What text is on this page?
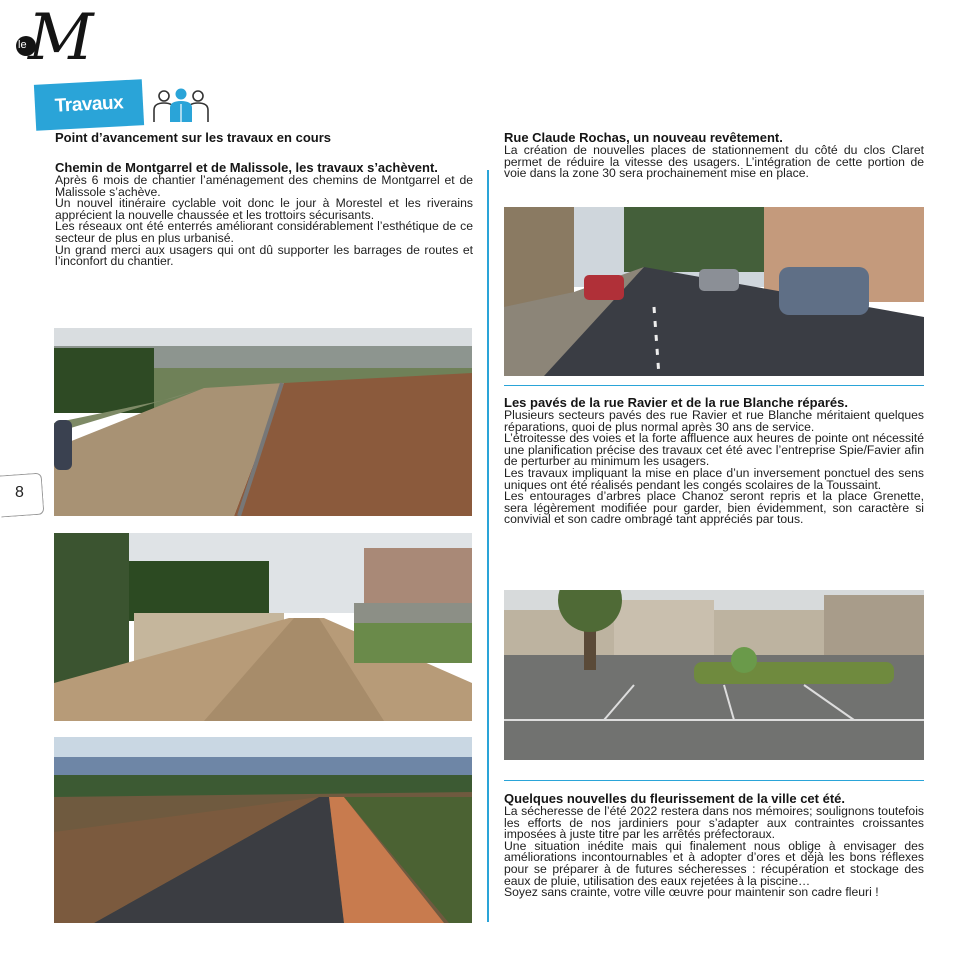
le M
Travaux
8
Point d’avancement sur les travaux en cours
Chemin de Montgarrel et de Malissole, les travaux s’achèvent.

Après 6 mois de chantier l’aménagement des chemins de Montgarrel et de Malissole s’achève.

Un nouvel itinéraire cyclable voit donc le jour à Morestel et les riverains apprécient la nouvelle chaussée et les trottoirs sécurisants.

Les réseaux ont été enterrés améliorant considérablement l’esthétique de ce secteur de plus en plus urbanisé.

Un grand merci aux usagers qui ont dû supporter les barrages de routes et l’inconfort du chantier.

Rue Claude Rochas, un nouveau revêtement.
La création de nouvelles places de stationnement du côté du clos Claret permet de réduire la vitesse des usagers. L’intégration de cette portion de voie dans la zone 30 sera prochainement mise en place.
Les pavés de la rue Ravier et de la rue Blanche réparés.

Plusieurs secteurs pavés des rue Ravier et rue Blanche méritaient quelques réparations, quoi de plus normal après 30 ans de service.

L’étroitesse des voies et la forte affluence aux heures de pointe ont nécessité une planification précise des travaux cet été avec l’entreprise Spie/Favier afin de perturber au minimum les usagers.

Les travaux impliquant la mise en place d’un inversement ponctuel des sens uniques ont été réalisés pendant les congés scolaires de la Toussaint.

Les entourages d’arbres place Chanoz seront repris et la place Grenette, sera légèrement modifiée pour garder, bien évidemment, son caractère si convivial et son cadre ombragé tant appréciés par tous.

Quelques nouvelles du fleurissement de la ville cet été.

La sécheresse de l’été 2022 restera dans nos mémoires; soulignons toutefois les efforts de nos jardiniers pour s’adapter aux contraintes croissantes imposées à juste titre par les arrêtés préfectoraux.

Une situation inédite mais qui finalement nous oblige à envisager des améliorations incontournables et à adopter d’ores et déjà les bons réflexes pour se préparer à de futures sécheresses : récupération et stockage des eaux de pluie, utilisation des eaux rejetées à la piscine…

Soyez sans crainte, votre ville œuvre pour maintenir son cadre fleuri !
